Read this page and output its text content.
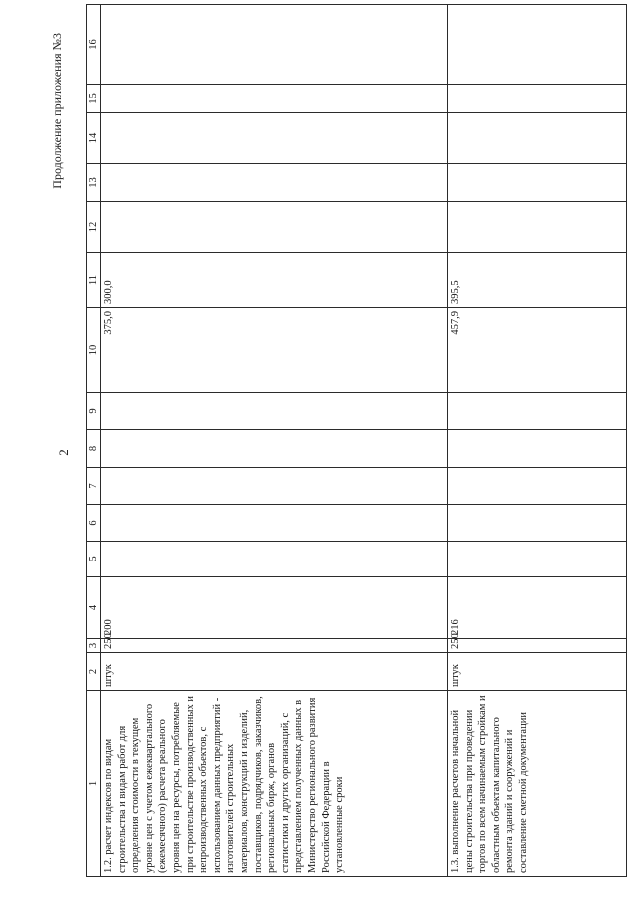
2
Продолжение приложения №3
1	2	3	4	5	6	7	8	9	10	11	12	13	14	15	16
1.2. расчет индексов по видам строительства и видам работ для определения стоимости в текущем уровне цен с учетом ежеквартального (ежемесячного) расчета реального уровня цен на ресурсы, потребляемые при строительстве производственных и непроизводственных объектов, с использованием данных предприятий - изготовителей строительных материалов, конструкций и изделий, поставщиков, подрядчиков, заказчиков, региональных бирж, органов статистики и других организаций, с представлением полученных данных в Министерство регионального развития Российской Федерации в установленные сроки	штук	250	200						375,0	300,0					
1.3. выполнение расчетов начальной цены строительства при проведении торгов по всем начинаемым стройкам и областным объектам капитального ремонта зданий и сооружений и составление сметной документации	штук	250	216						457,9	395,5					
